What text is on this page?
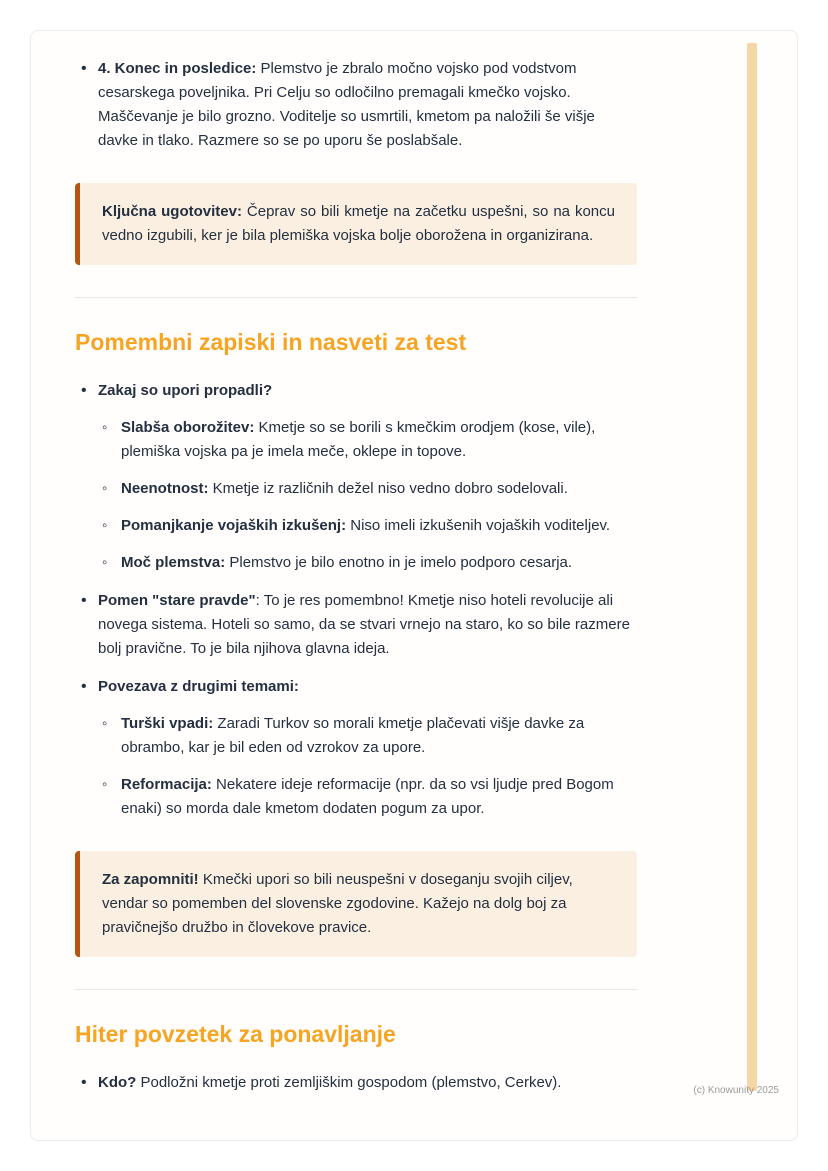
• 4. Konec in posledice: Plemstvo je zbralo močno vojsko pod vodstvom cesarskega poveljnika. Pri Celju so odločilno premagali kmečko vojsko. Maščevanje je bilo grozno. Voditelje so usmrtili, kmetom pa naložili še višje davke in tlako. Razmere so se po uporu še poslabšale.
Ključna ugotovitev: Čeprav so bili kmetje na začetku uspešni, so na koncu vedno izgubili, ker je bila plemiška vojska bolje oborožena in organizirana.
Pomembni zapiski in nasveti za test
• Zakaj so upori propadli?
◦ Slabša oborožitev: Kmetje so se borili s kmečkim orodjem (kose, vile), plemiška vojska pa je imela meče, oklepe in topove.
◦ Neenotnost: Kmetje iz različnih dežel niso vedno dobro sodelovali.
◦ Pomanjkanje vojaških izkušenj: Niso imeli izkušenih vojaških voditeljev.
◦ Moč plemstva: Plemstvo je bilo enotno in je imelo podporo cesarja.
• Pomen "stare pravde": To je res pomembno! Kmetje niso hoteli revolucije ali novega sistema. Hoteli so samo, da se stvari vrnejo na staro, ko so bile razmere bolj pravične. To je bila njihova glavna ideja.
• Povezava z drugimi temami:
◦ Turški vpadi: Zaradi Turkov so morali kmetje plačevati višje davke za obrambo, kar je bil eden od vzrokov za upore.
◦ Reformacija: Nekatere ideje reformacije (npr. da so vsi ljudje pred Bogom enaki) so morda dale kmetom dodaten pogum za upor.
Za zapomniti! Kmečki upori so bili neuspešni v doseganju svojih ciljev, vendar so pomemben del slovenske zgodovine. Kažejo na dolg boj za pravičnejšo družbo in človekove pravice.
Hiter povzetek za ponavljanje
• Kdo? Podložni kmetje proti zemljiškim gospodom (plemstvo, Cerkev).	(c) Knowunity 2025
